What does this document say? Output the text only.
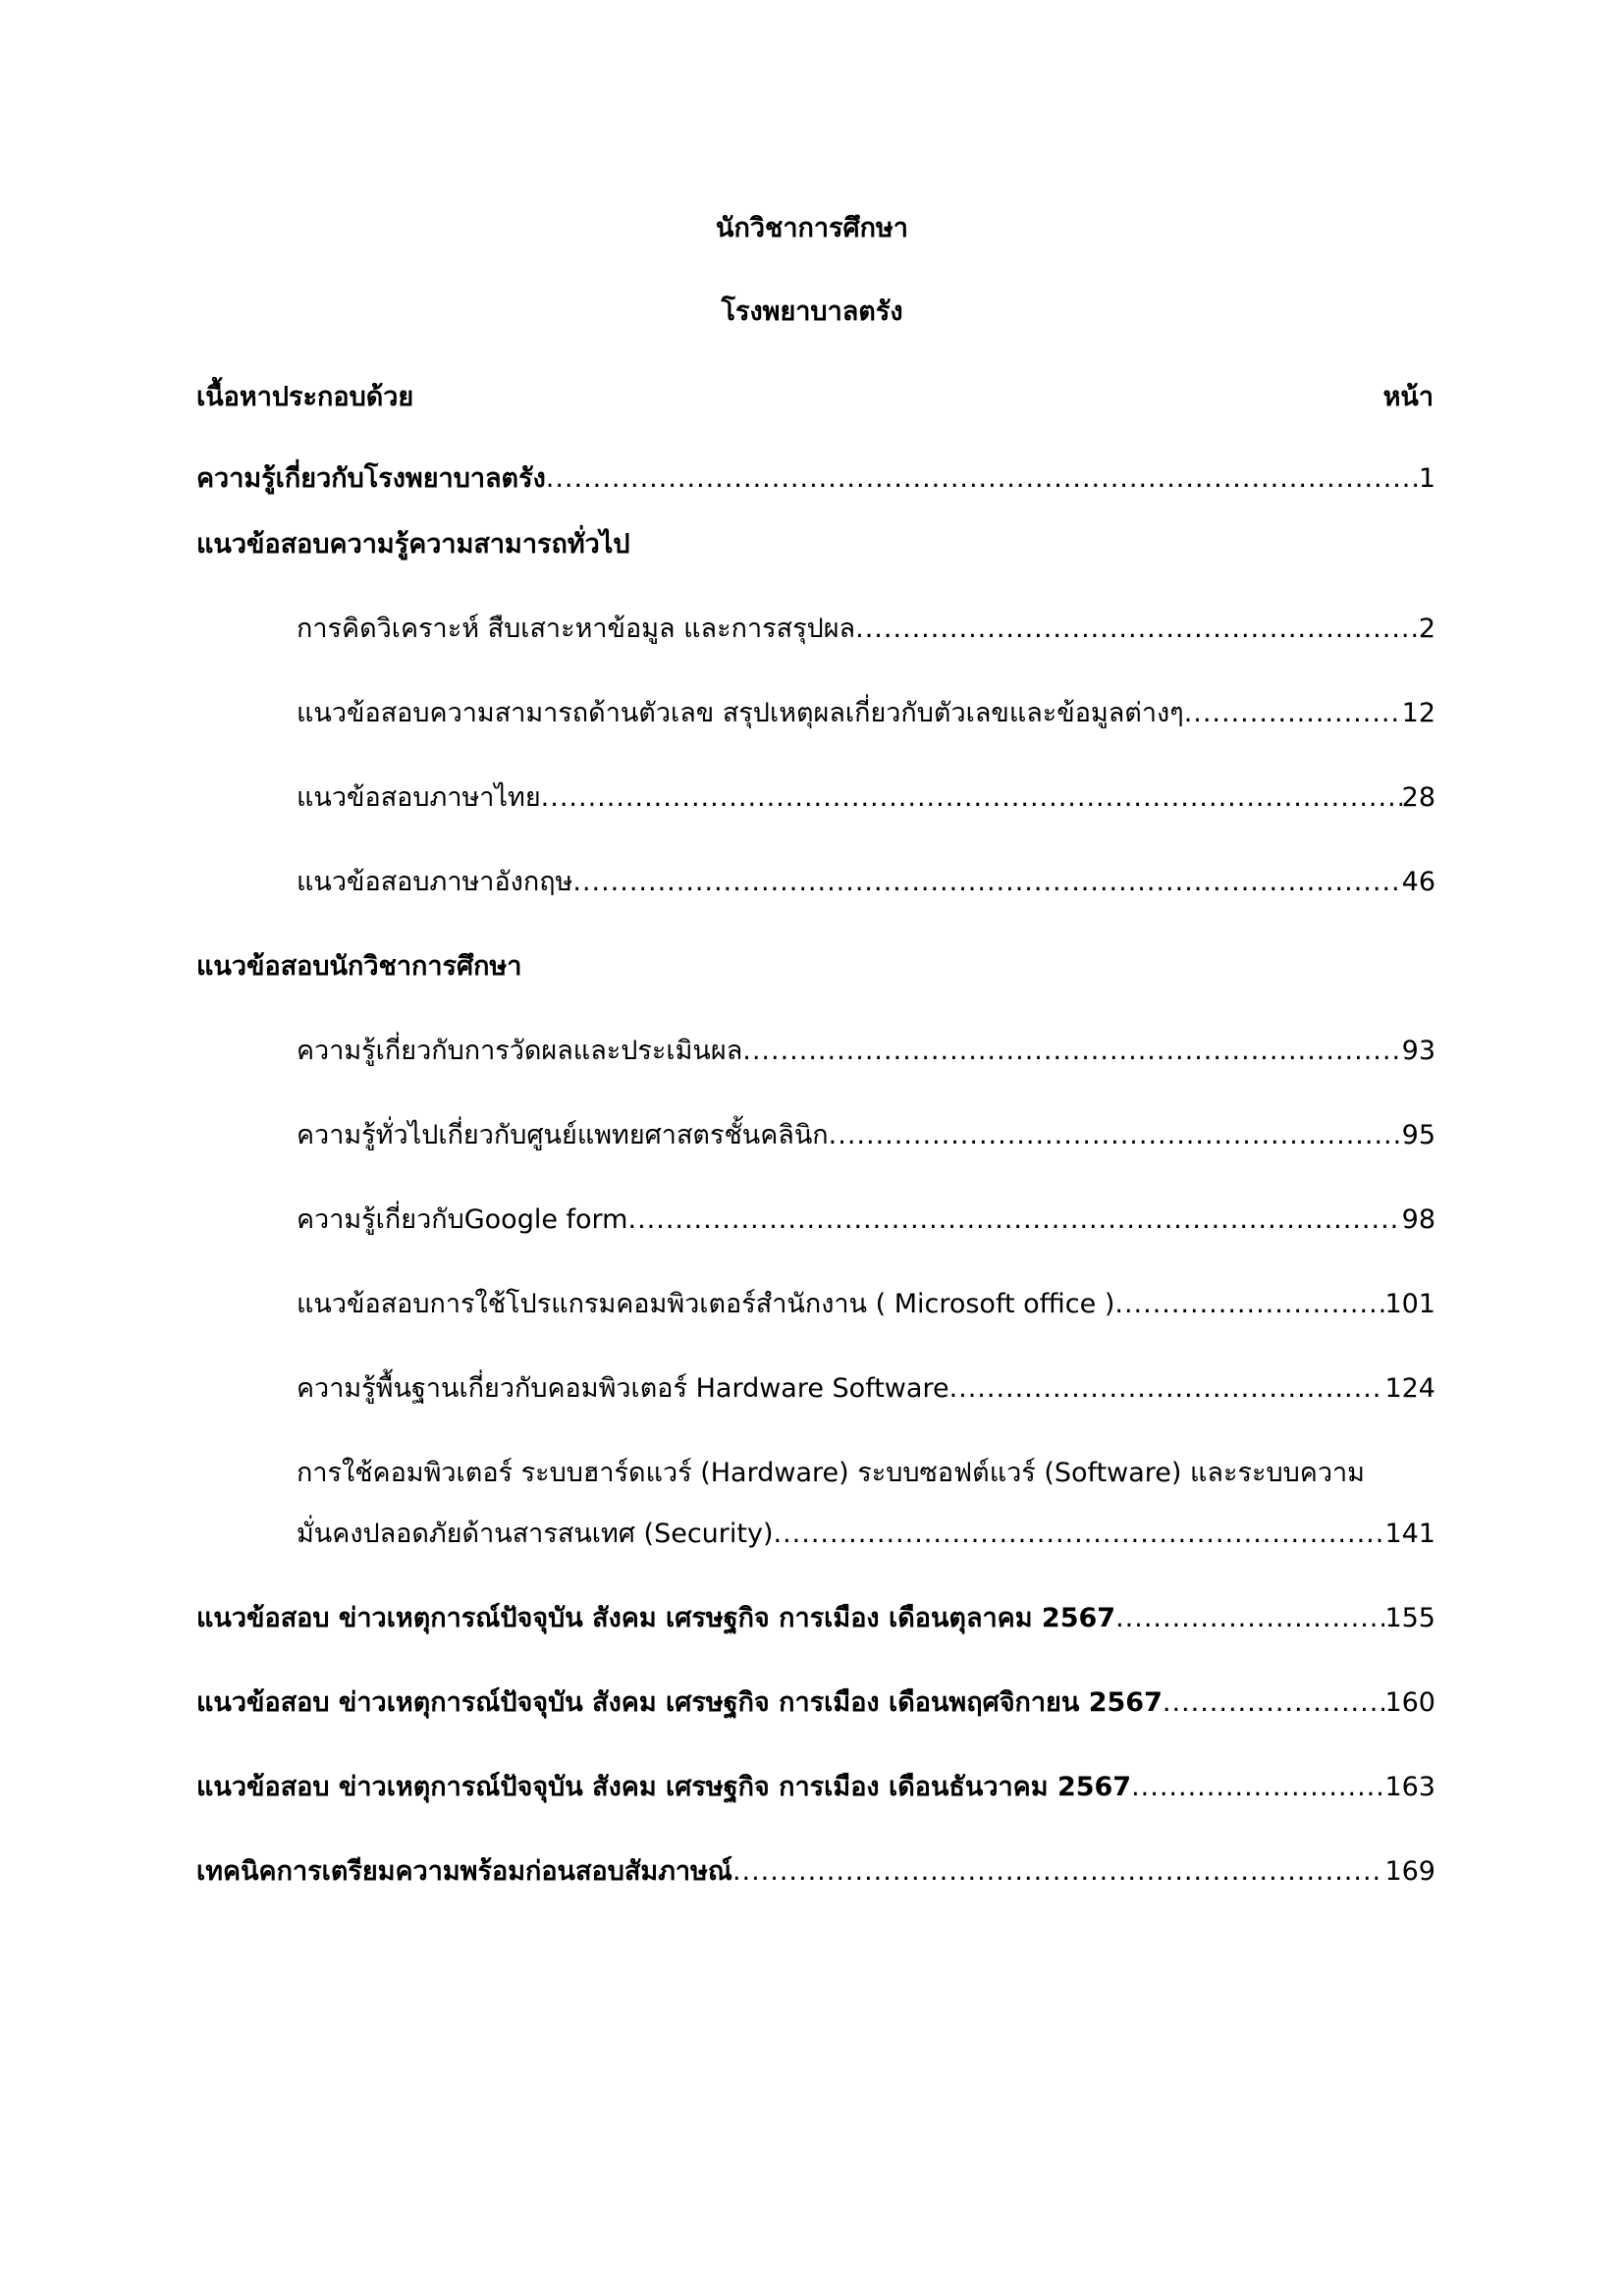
นักวิชาการศึกษา
โรงพยาบาลตรัง
เนื้อหาประกอบด้วย	หน้า
ความรู้เกี่ยวกับโรงพยาบาลตรัง .....	1
แนวข้อสอบความรู้ความสามารถทั่วไป
การคิดวิเคราะห์ สืบเสาะหาข้อมูล และการสรุปผล .....	2
แนวข้อสอบความสามารถด้านตัวเลข สรุปเหตุผลเกี่ยวกับตัวเลขและข้อมูลต่างๆ .....	12
แนวข้อสอบภาษาไทย .....	28
แนวข้อสอบภาษาอังกฤษ .....	46
แนวข้อสอบนักวิชาการศึกษา
ความรู้เกี่ยวกับการวัดผลและประเมินผล .....	93
ความรู้ทั่วไปเกี่ยวกับศูนย์แพทยศาสตรชั้นคลินิก .....	95
ความรู้เกี่ยวกับGoogle form .....	98
แนวข้อสอบการใช้โปรแกรมคอมพิวเตอร์สำนักงาน ( Microsoft office ) .....	101
ความรู้พื้นฐานเกี่ยวกับคอมพิวเตอร์ Hardware Software .....	124
การใช้คอมพิวเตอร์ ระบบฮาร์ดแวร์ (Hardware) ระบบซอฟต์แวร์ (Software) และระบบความ
มั่นคงปลอดภัยด้านสารสนเทศ (Security) .....	141
แนวข้อสอบ ข่าวเหตุการณ์ปัจจุบัน สังคม เศรษฐกิจ การเมือง เดือนตุลาคม 2567 .....	155
แนวข้อสอบ ข่าวเหตุการณ์ปัจจุบัน สังคม เศรษฐกิจ การเมือง เดือนพฤศจิกายน 2567 .....	160
แนวข้อสอบ ข่าวเหตุการณ์ปัจจุบัน สังคม เศรษฐกิจ การเมือง เดือนธันวาคม 2567 .....	163
เทคนิคการเตรียมความพร้อมก่อนสอบสัมภาษณ์ .....	169
